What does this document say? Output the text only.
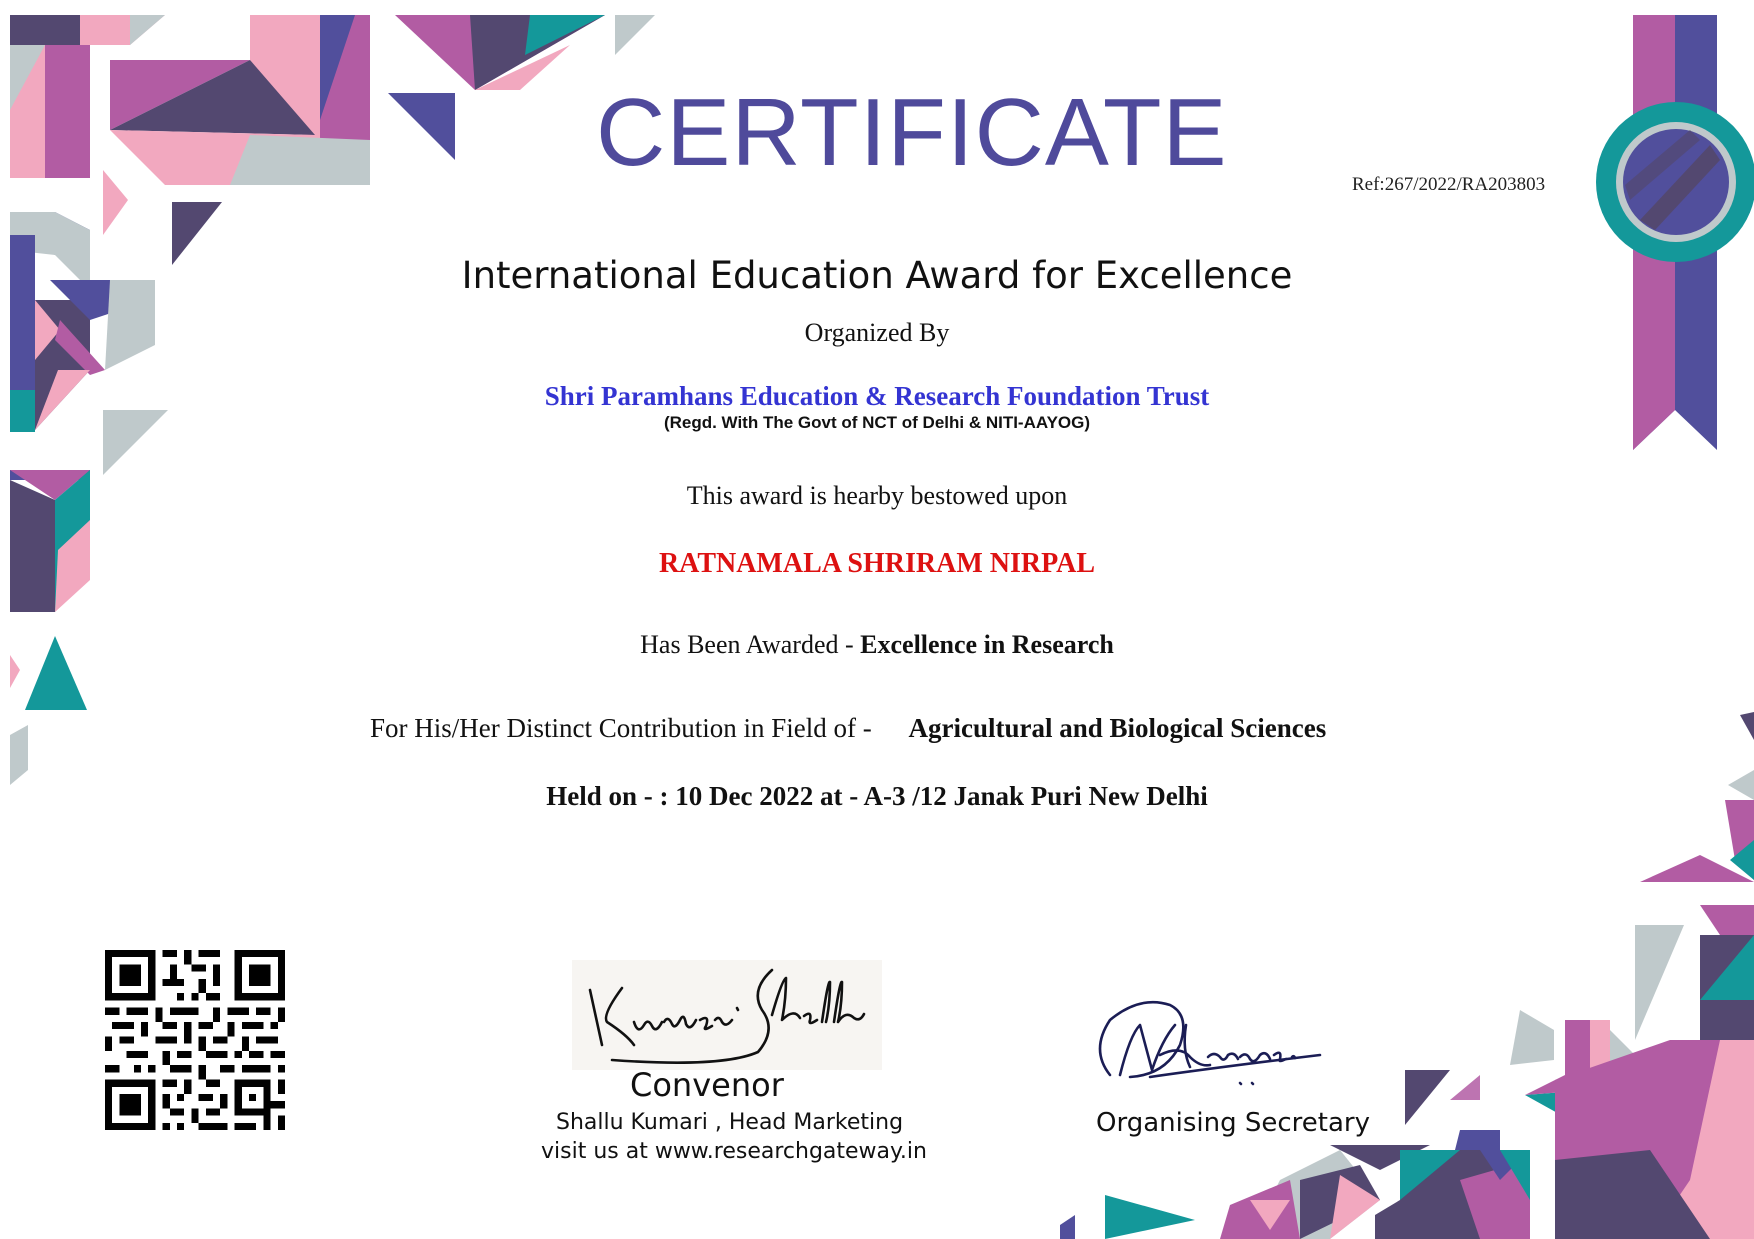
CERTIFICATE	Ref:267/2022/RA203803
International Education Award for Excellence
Organized By
Shri Paramhans Education & Research Foundation Trust
(Regd. With The Govt of NCT of Delhi & NITI-AAYOG)
This award is hearby bestowed upon
RATNAMALA SHRIRAM NIRPAL
Has Been Awarded - Excellence in Research
For His/Her Distinct Contribution in Field of - Agricultural and Biological Sciences
Held on - : 10 Dec 2022 at - A-3 /12 Janak Puri New Delhi
Convenor
Shallu Kumari , Head Marketing
visit us at www.researchgateway.in
Organising Secretary
